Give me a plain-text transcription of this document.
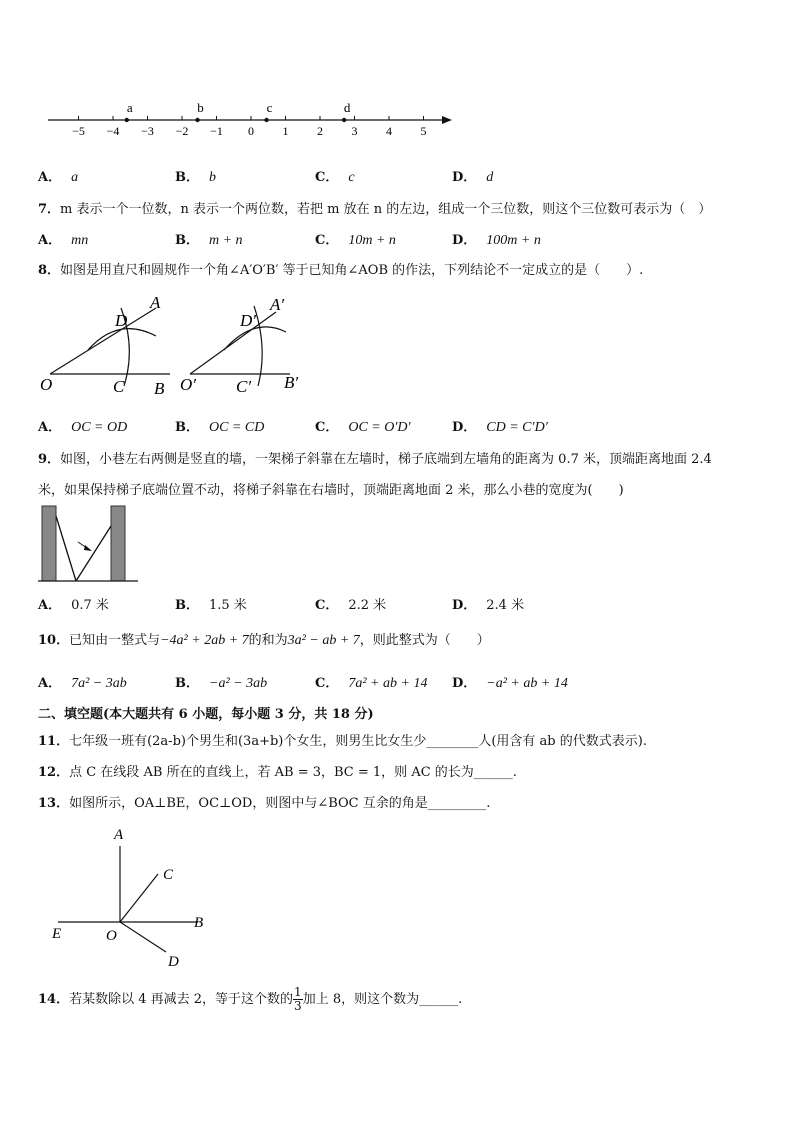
−5 −4 −3 −2 −1 0 1 2 3 4 5
a	b	c	d
A． a	B． b	C． c	D． d
7．m 表示一个一位数，n 表示一个两位数，若把 m 放在 n 的左边，组成一个三位数，则这个三位数可表示为（　）
A． mn	B． m + n	C． 10m + n	D． 100m + n
8．如图是用直尺和圆规作一个角∠A′O′B′ 等于已知角∠AOB 的作法，下列结论不一定成立的是（　　）.
A
D
O	C B
A′
D′
O′ C′ B′
A． OC = OD	B． OC = CD	C． OC = O′D′	D． CD = C′D′
9．如图，小巷左右两侧是竖直的墙，一架梯子斜靠在左墙时，梯子底端到左墙角的距离为 0.7 米，顶端距离地面 2.4
米，如果保持梯子底端位置不动，将梯子斜靠在右墙时，顶端距离地面 2 米，那么小巷的宽度为(　　)
A． 0.7 米	B． 1.5 米	C． 2.2 米	D． 2.4 米
10．已知由一整式与−4a² + 2ab + 7的和为3a² − ab + 7，则此整式为（　　）
A． 7a² − 3ab	B． −a² − 3ab	C． 7a² + ab + 14 D． −a² + ab + 14
二、填空题(本大题共有 6 小题，每小题 3 分，共 18 分)
11．七年级一班有(2a-b)个男生和(3a+b)个女生，则男生比女生少________人(用含有 ab 的代数式表示).
12．点 C 在线段 AB 所在的直线上，若 AB = 3，BC = 1，则 AC 的长为______.
13．如图所示，OA⊥BE，OC⊥OD，则图中与∠BOC 互余的角是_________.
A
C
B
E	O
D
14．若某数除以 4 再减去 2，等于这个数的 $\frac{1}{3}$ 加上 8，则这个数为______.
